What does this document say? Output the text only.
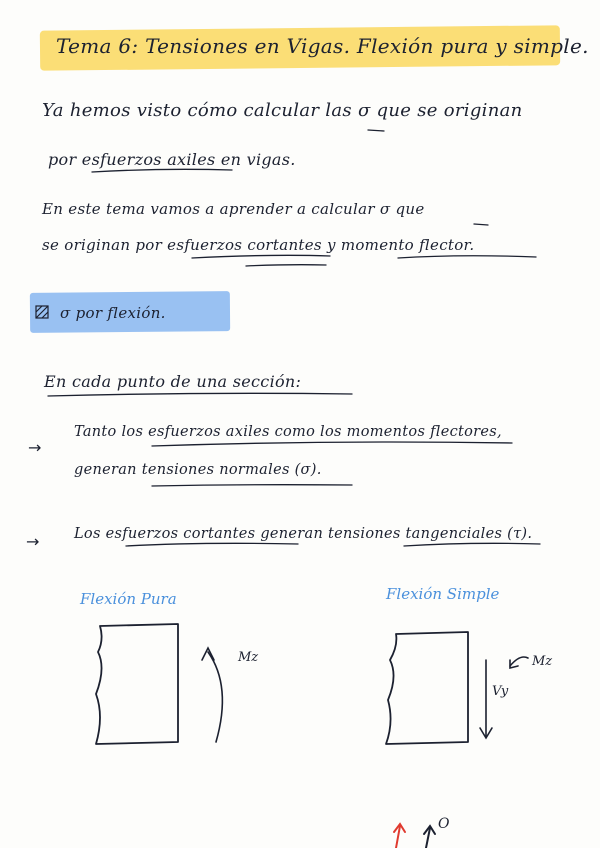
Tema 6: Tensiones en Vigas. Flexión pura y simple.
Ya hemos visto cómo calcular las σ que se originan
por esfuerzos axiles en vigas.
En este tema vamos a aprender a calcular σ que
se originan por esfuerzos cortantes y momento flector.
σ por flexión.
En cada punto de una sección:
→
Tanto los esfuerzos axiles como los momentos flectores,
generan tensiones normales (σ).
→ Los esfuerzos cortantes generan tensiones tangenciales (τ).
Flexión Pura	Flexión Simple
Mz	Mz
Vy
O
